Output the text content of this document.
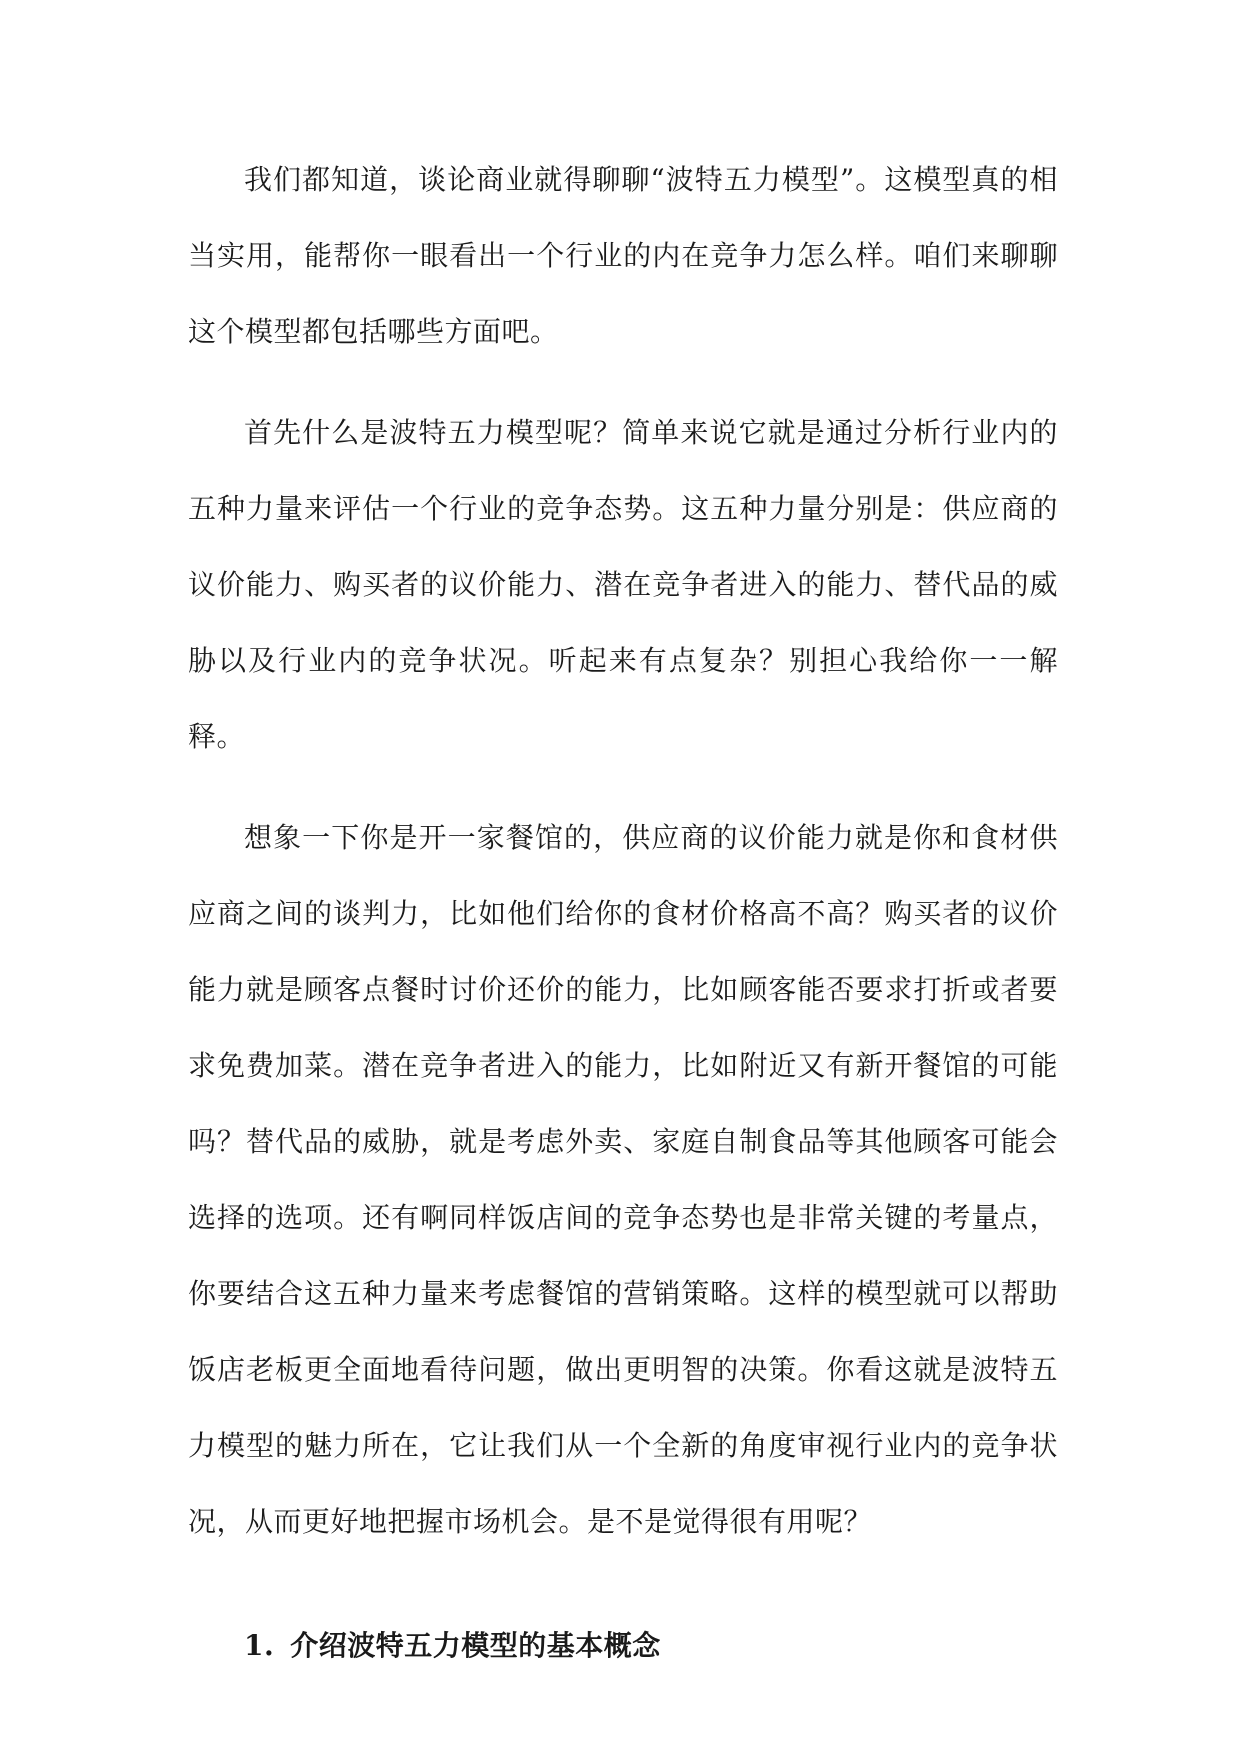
我们都知道，谈论商业就得聊聊“波特五力模型”。这模型真的相当实用，能帮你一眼看出一个行业的内在竞争力怎么样。咱们来聊聊这个模型都包括哪些方面吧。

首先什么是波特五力模型呢？简单来说它就是通过分析行业内的五种力量来评估一个行业的竞争态势。这五种力量分别是：供应商的议价能力、购买者的议价能力、潜在竞争者进入的能力、替代品的威胁以及行业内的竞争状况。听起来有点复杂？别担心我给你一一解释。

想象一下你是开一家餐馆的，供应商的议价能力就是你和食材供应商之间的谈判力，比如他们给你的食材价格高不高？购买者的议价能力就是顾客点餐时讨价还价的能力，比如顾客能否要求打折或者要求免费加菜。潜在竞争者进入的能力，比如附近又有新开餐馆的可能吗？替代品的威胁，就是考虑外卖、家庭自制食品等其他顾客可能会选择的选项。还有啊同样饭店间的竞争态势也是非常关键的考量点，你要结合这五种力量来考虑餐馆的营销策略。这样的模型就可以帮助饭店老板更全面地看待问题，做出更明智的决策。你看这就是波特五力模型的魅力所在，它让我们从一个全新的角度审视行业内的竞争状况，从而更好地把握市场机会。是不是觉得很有用呢？

1. 介绍波特五力模型的基本概念
